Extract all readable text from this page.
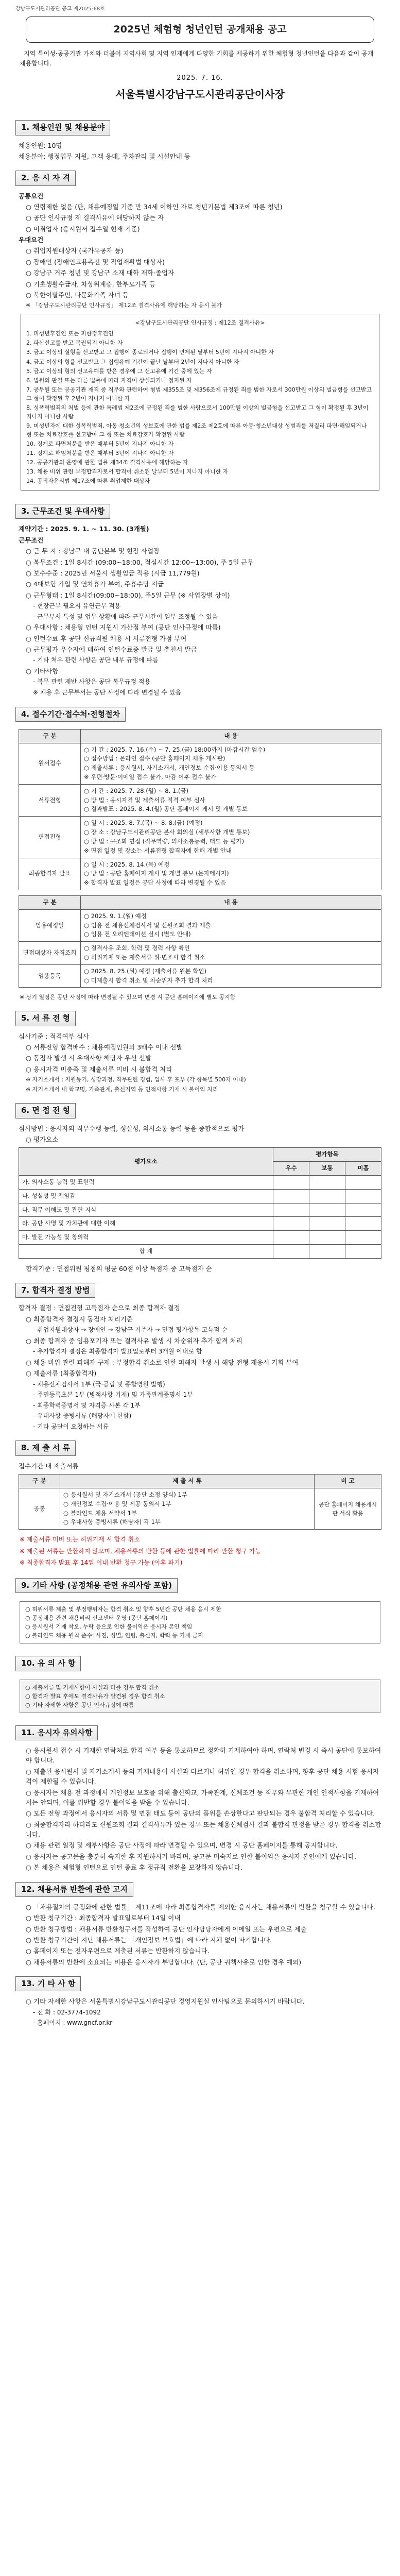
강남구도시관리공단 공고 제2025-68호
2025년 체험형 청년인턴 공개채용 공고
지역 특이성·공공기관 가치와 더불어 지역사회 및 지역 인재에게 다양한 기회를 제공하기 위한 체험형 청년인턴을 다음과 같이 공개 채용합니다.
2025. 7. 16.
서울특별시강남구도시관리공단이사장
1. 채용인원 및 채용분야
채용인원: 10명
채용분야: 행정업무 지원, 고객 응대, 주차관리 및 시설안내 등
2. 응 시 자 격
공통요건
○ 연령제한 없음 (단, 채용예정일 기준 만 34세 이하인 자로 청년기본법 제3조에 따른 청년)
○ 공단 인사규정 제 결격사유에 해당하지 않는 자
○ 미취업자 (응시원서 접수일 현재 기준)
우대요건
○ 취업지원대상자 (국가유공자 등)
○ 장애인 (장애인고용촉진 및 직업재활법 대상자)
○ 강남구 거주 청년 및 강남구 소재 대학 재학·졸업자
○ 기초생활수급자, 차상위계층, 한부모가족 등
○ 북한이탈주민, 다문화가족 자녀 등
※ 「강남구도시관리공단 인사규정」 제12조 결격사유에 해당하는 자 응시 불가
<강남구도시관리공단 인사규정 : 제12조 결격사유>
1. 피성년후견인 또는 피한정후견인
2. 파산선고를 받고 복권되지 아니한 자
3. 금고 이상의 실형을 선고받고 그 집행이 종료되거나 집행이 면제된 날부터 5년이 지나지 아니한 자
4. 금고 이상의 형을 선고받고 그 집행유예 기간이 끝난 날부터 2년이 지나지 아니한 자
5. 금고 이상의 형의 선고유예를 받은 경우에 그 선고유예 기간 중에 있는 자
6. 법원의 판결 또는 다른 법률에 따라 자격이 상실되거나 정지된 자
7. 공무원 또는 공공기관 재직 중 직무와 관련하여 형법 제355조 및 제356조에 규정된 죄를 범한 자로서 300만원 이상의 벌금형을 선고받고 그 형이 확정된 후 2년이 지나지 아니한 자
8. 성폭력범죄의 처벌 등에 관한 특례법 제2조에 규정된 죄를 범한 사람으로서 100만원 이상의 벌금형을 선고받고 그 형이 확정된 후 3년이 지나지 아니한 사람
9. 미성년자에 대한 성폭력범죄, 아동·청소년의 성보호에 관한 법률 제2조 제2호에 따른 아동·청소년대상 성범죄를 저질러 파면·해임되거나 형 또는 치료감호를 선고받아 그 형 또는 치료감호가 확정된 사람
10. 징계로 파면처분을 받은 때부터 5년이 지나지 아니한 자
11. 징계로 해임처분을 받은 때부터 3년이 지나지 아니한 자
12. 공공기관의 운영에 관한 법률 제34조 결격사유에 해당하는 자
13. 채용 비위 관련 부정합격자로서 합격이 취소된 날부터 5년이 지나지 아니한 자
14. 공직자윤리법 제17조에 따른 취업제한 대상자
3. 근무조건 및 우대사항
계약기간 : 2025. 9. 1. ~ 11. 30. (3개월)
근무조건
○ 근 무 지 : 강남구 내 공단본부 및 현장 사업장
○ 복무조건 : 1일 8시간 (09:00~18:00, 점심시간 12:00~13:00), 주 5일 근무
○ 보수수준 : 2025년 서울시 생활임금 적용 (시급 11,779원)
○ 4대보험 가입 및 연차휴가 부여, 주휴수당 지급
○ 근무형태 : 1일 8시간(09:00~18:00), 주5일 근무 (※ 사업장별 상이)
- 현장근무 필요시 유연근무 적용
- 근무부서 특성 및 업무 상황에 따라 근무시간이 일부 조정될 수 있음
○ 우대사항 : 채용형 인턴 지원시 가산점 부여 (공단 인사규정에 따름)
○ 인턴수료 후 공단 신규직원 채용 시 서류전형 가점 부여
○ 근무평가 우수자에 대하여 인턴수료증 발급 및 추천서 발급
- 기타 처우 관련 사항은 공단 내부 규정에 따름
○ 기타사항
- 복무 관련 제반 사항은 공단 복무규정 적용
※ 채용 후 근무부서는 공단 사정에 따라 변경될 수 있음
4. 접수기간·접수처·전형절차
구 분	내 용
원서접수	○ 기 간 : 2025. 7. 16.(수) ~ 7. 25.(금) 18:00까지 (마감시간 엄수)
○ 접수방법 : 온라인 접수 (공단 홈페이지 채용 게시판)
○ 제출서류 : 응시원서, 자기소개서, 개인정보 수집·이용 동의서 등
※ 우편·방문·이메일 접수 불가, 마감 이후 접수 불가

서류전형	○ 기 간 : 2025. 7. 28.(월) ~ 8. 1.(금)
○ 방 법 : 응시자격 및 제출서류 적격 여부 심사
○ 결과발표 : 2025. 8. 4.(월) 공단 홈페이지 게시 및 개별 통보

면접전형	○ 일 시 : 2025. 8. 7.(목) ~ 8. 8.(금) (예정)
○ 장 소 : 강남구도시관리공단 본사 회의실 (세부사항 개별 통보)
○ 방 법 : 구조화 면접 (직무역량, 의사소통능력, 태도 등 평가)
※ 면접 일정 및 장소는 서류전형 합격자에 한해 개별 안내

최종합격자 발표	○ 일 시 : 2025. 8. 14.(목) 예정
○ 방 법 : 공단 홈페이지 게시 및 개별 통보 (문자메시지)
※ 합격자 발표 일정은 공단 사정에 따라 변경될 수 있음
구 분	내 용
임용예정일	○ 2025. 9. 1.(월) 예정
○ 임용 전 채용신체검사서 및 신원조회 결과 제출
○ 임용 전 오리엔테이션 실시 (별도 안내)

면접대상자 자격조회	○ 결격사유 조회, 학력 및 경력 사항 확인
○ 허위기재 또는 제출서류 위·변조시 합격 취소

임용등록	○ 2025. 8. 25.(월) 예정 (제출서류 원본 확인)
○ 미제출시 합격 취소 및 차순위자 추가 합격 처리
※ 상기 일정은 공단 사정에 따라 변경될 수 있으며 변경 시 공단 홈페이지에 별도 공지함
5. 서 류 전 형
심사기준 : 적격여부 심사
○ 서류전형 합격배수 : 채용예정인원의 3배수 이내 선발
○ 동점자 발생 시 우대사항 해당자 우선 선발
○ 응시자격 미충족 및 제출서류 미비 시 불합격 처리
※ 자기소개서 : 지원동기, 성장과정, 직무관련 경험, 입사 후 포부 (각 항목별 500자 이내)
※ 자기소개서 내 학교명, 가족관계, 출신지역 등 인적사항 기재 시 불이익 처리
6. 면 접 전 형
심사방법 : 응시자의 직무수행 능력, 성실성, 의사소통 능력 등을 종합적으로 평가
○ 평가요소
평가요소	평가항목		
	우수	보통	미흡
가. 의사소통 능력 및 표현력			
나. 성실성 및 책임감			
다. 직무 이해도 및 관련 지식			
라. 공단 사명 및 가치관에 대한 이해			
마. 발전 가능성 및 창의력			
합 계			
합격기준 : 면접위원 평점의 평균 60점 이상 득점자 중 고득점자 순
7. 합격자 결정 방법
합격자 결정 : 면접전형 고득점자 순으로 최종 합격자 결정
○ 최종합격자 결정시 동점자 처리기준
- 취업지원대상자 → 장애인 → 강남구 거주자 → 면접 평가항목 고득점 순
○ 최종 합격자 중 임용포기자 또는 결격사유 발생 시 차순위자 추가 합격 처리
- 추가합격자 결정은 최종합격자 발표일로부터 3개월 이내로 함
○ 채용 비위 관련 피해자 구제 : 부정합격 취소로 인한 피해자 발생 시 해당 전형 재응시 기회 부여
○ 제출서류 (최종합격자)
- 채용신체검사서 1부 (국·공립 및 종합병원 발행)
- 주민등록초본 1부 (병적사항 기재) 및 가족관계증명서 1부
- 최종학력증명서 및 자격증 사본 각 1부
- 우대사항 증빙서류 (해당자에 한함)
- 기타 공단이 요청하는 서류
8. 제 출 서 류
접수기간 내 제출서류
구 분	제 출 서 류	비 고
공통	○ 응시원서 및 자기소개서 (공단 소정 양식) 1부
○ 개인정보 수집·이용 및 제공 동의서 1부
○ 블라인드 채용 서약서 1부
○ 우대사항 증빙서류 (해당자) 각 1부	공단 홈페이지 채용게시판 서식 활용
※ 제출서류 미비 또는 허위기재 시 합격 취소
※ 제출된 서류는 반환하지 않으며, 채용서류의 반환 등에 관한 법률에 따라 반환 청구 가능
※ 최종합격자 발표 후 14일 이내 반환 청구 가능 (이후 파기)
9. 기타 사항 (공정채용 관련 유의사항 포함)
○ 허위서류 제출 및 부정행위자는 합격 취소 및 향후 5년간 공단 채용 응시 제한
○ 공정채용 관련 채용비리 신고센터 운영 (공단 홈페이지)
○ 응시원서 기재 착오, 누락 등으로 인한 불이익은 응시자 본인 책임
○ 블라인드 채용 원칙 준수: 사진, 성별, 연령, 출신지, 학력 등 기재 금지
10. 유 의 사 항
○ 제출서류 및 기재사항이 사실과 다를 경우 합격 취소
○ 합격자 발표 후에도 결격사유가 발견될 경우 합격 취소
○ 기타 자세한 사항은 공단 인사규정에 따름
11. 응시자 유의사항
○ 응시원서 접수 시 기재한 연락처로 합격 여부 등을 통보하므로 정확히 기재하여야 하며, 연락처 변경 시 즉시 공단에 통보하여야 합니다.
○ 제출된 응시원서 및 자기소개서 등의 기재내용이 사실과 다르거나 허위인 경우 합격을 취소하며, 향후 공단 채용 시험 응시자격이 제한될 수 있습니다.
○ 응시자는 채용 전 과정에서 개인정보 보호를 위해 출신학교, 가족관계, 신체조건 등 직무와 무관한 개인 인적사항을 기재하여서는 안되며, 이를 위반할 경우 불이익을 받을 수 있습니다.
○ 모든 전형 과정에서 응시자의 서류 및 면접 태도 등이 공단의 품위를 손상한다고 판단되는 경우 불합격 처리할 수 있습니다.
○ 최종합격자라 하더라도 신원조회 결과 결격사유가 있는 경우 또는 채용신체검사 결과 불합격 판정을 받은 경우 합격을 취소합니다.
○ 채용 관련 일정 및 세부사항은 공단 사정에 따라 변경될 수 있으며, 변경 시 공단 홈페이지를 통해 공지합니다.
○ 응시자는 공고문을 충분히 숙지한 후 지원하시기 바라며, 공고문 미숙지로 인한 불이익은 응시자 본인에게 있습니다.
○ 본 채용은 체험형 인턴으로 인턴 종료 후 정규직 전환을 보장하지 않습니다.
12. 채용서류 반환에 관한 고지
○ 「채용절차의 공정화에 관한 법률」 제11조에 따라 최종합격자를 제외한 응시자는 채용서류의 반환을 청구할 수 있습니다.
○ 반환 청구기간 : 최종합격자 발표일로부터 14일 이내
○ 반환 청구방법 : 채용서류 반환청구서를 작성하여 공단 인사담당자에게 이메일 또는 우편으로 제출
○ 반환 청구기간이 지난 채용서류는 「개인정보 보호법」에 따라 지체 없이 파기합니다.
○ 홈페이지 또는 전자우편으로 제출된 서류는 반환하지 않습니다.
○ 채용서류의 반환에 소요되는 비용은 응시자가 부담합니다. (단, 공단 귀책사유로 인한 경우 예외)
13. 기 타 사 항
○ 기타 자세한 사항은 서울특별시강남구도시관리공단 경영지원실 인사팀으로 문의하시기 바랍니다.
- 전 화 : 02-3774-1092
- 홈페이지 : www.gncf.or.kr
